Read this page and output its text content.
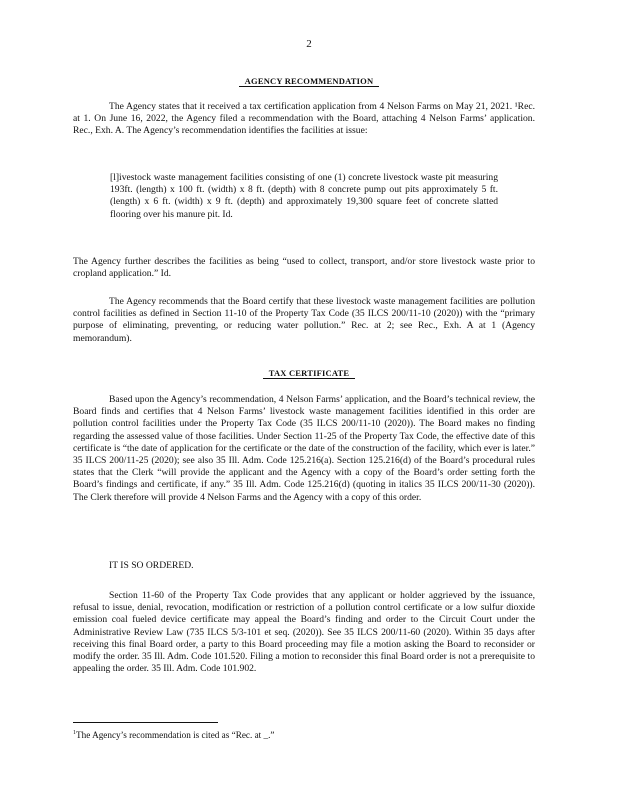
2
AGENCY RECOMMENDATION

The Agency states that it received a tax certification application from 4 Nelson Farms on May 21, 2021. ¹Rec. at 1. On June 16, 2022, the Agency filed a recommendation with the Board, attaching 4 Nelson Farms’ application. Rec., Exh. A. The Agency’s recommendation identifies the facilities at issue:

[l]ivestock waste management facilities consisting of one (1) concrete livestock waste pit measuring 193ft. (length) x 100 ft. (width) x 8 ft. (depth) with 8 concrete pump out pits approximately 5 ft. (length) x 6 ft. (width) x 9 ft. (depth) and approximately 19,300 square feet of concrete slatted flooring over his manure pit. Id.

The Agency further describes the facilities as being “used to collect, transport, and/or store livestock waste prior to cropland application.” Id.

The Agency recommends that the Board certify that these livestock waste management facilities are pollution control facilities as defined in Section 11-10 of the Property Tax Code (35 ILCS 200/11-10 (2020)) with the “primary purpose of eliminating, preventing, or reducing water pollution.” Rec. at 2; see Rec., Exh. A at 1 (Agency memorandum).

TAX CERTIFICATE

Based upon the Agency’s recommendation, 4 Nelson Farms’ application, and the Board’s technical review, the Board finds and certifies that 4 Nelson Farms’ livestock waste management facilities identified in this order are pollution control facilities under the Property Tax Code (35 ILCS 200/11-10 (2020)). The Board makes no finding regarding the assessed value of those facilities. Under Section 11-25 of the Property Tax Code, the effective date of this certificate is “the date of application for the certificate or the date of the construction of the facility, which ever is later.” 35 ILCS 200/11-25 (2020); see also 35 Ill. Adm. Code 125.216(a). Section 125.216(d) of the Board’s procedural rules states that the Clerk “will provide the applicant and the Agency with a copy of the Board’s order setting forth the Board’s findings and certificate, if any.” 35 Ill. Adm. Code 125.216(d) (quoting in italics 35 ILCS 200/11-30 (2020)). The Clerk therefore will provide 4 Nelson Farms and the Agency with a copy of this order.

IT IS SO ORDERED.

Section 11-60 of the Property Tax Code provides that any applicant or holder aggrieved by the issuance, refusal to issue, denial, revocation, modification or restriction of a pollution control certificate or a low sulfur dioxide emission coal fueled device certificate may appeal the Board’s finding and order to the Circuit Court under the Administrative Review Law (735 ILCS 5/3-101 et seq. (2020)). See 35 ILCS 200/11-60 (2020). Within 35 days after receiving this final Board order, a party to this Board proceeding may file a motion asking the Board to reconsider or modify the order. 35 Ill. Adm. Code 101.520. Filing a motion to reconsider this final Board order is not a prerequisite to appealing the order. 35 Ill. Adm. Code 101.902.

$^1$The Agency’s recommendation is cited as “Rec. at _.”
